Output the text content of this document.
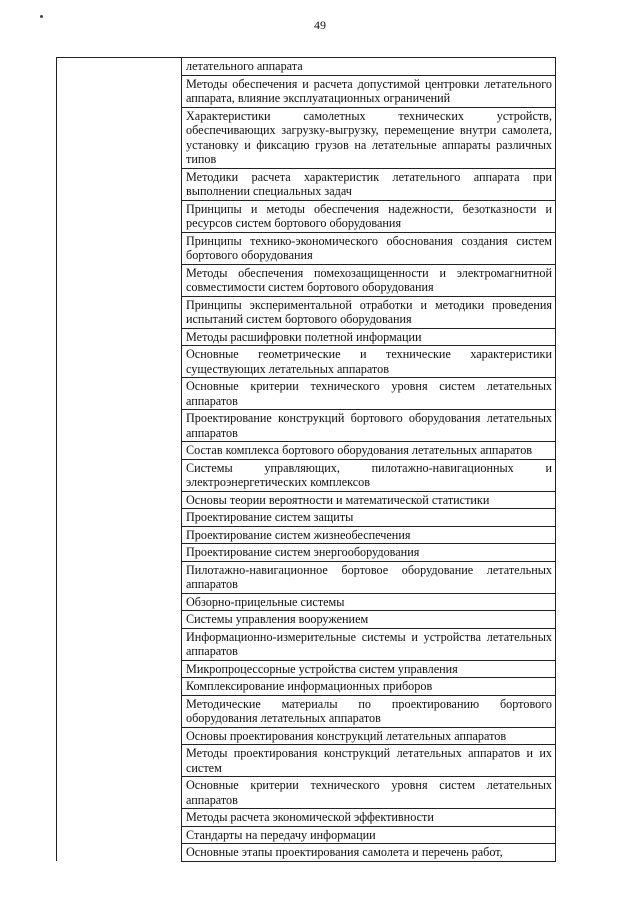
49
	летательного аппарата
Методы обеспечения и расчета допустимой центровки летательного аппарата, влияние эксплуатационных ограничений
Характеристики самолетных технических устройств, обеспечивающих загрузку-выгрузку, перемещение внутри самолета, установку и фиксацию грузов на летательные аппараты различных типов
Методики расчета характеристик летательного аппарата при выполнении специальных задач
Принципы и методы обеспечения надежности, безотказности и ресурсов систем бортового оборудования
Принципы технико-экономического обоснования создания систем бортового оборудования
Методы обеспечения помехозащищенности и электромагнитной совместимости систем бортового оборудования
Принципы экспериментальной отработки и методики проведения испытаний систем бортового оборудования
Методы расшифровки полетной информации
Основные геометрические и технические характеристики существующих летательных аппаратов
Основные критерии технического уровня систем летательных аппаратов
Проектирование конструкций бортового оборудования летательных аппаратов
Состав комплекса бортового оборудования летательных аппаратов
Системы управляющих, пилотажно-навигационных и электроэнергетических комплексов
Основы теории вероятности и математической статистики
Проектирование систем защиты
Проектирование систем жизнеобеспечения
Проектирование систем энергооборудования
Пилотажно-навигационное бортовое оборудование летательных аппаратов
Обзорно-прицельные системы
Системы управления вооружением
Информационно-измерительные системы и устройства летательных аппаратов
Микропроцессорные устройства систем управления
Комплексирование информационных приборов
Методические материалы по проектированию бортового оборудования летательных аппаратов
Основы проектирования конструкций летательных аппаратов
Методы проектирования конструкций летательных аппаратов и их систем
Основные критерии технического уровня систем летательных аппаратов
Методы расчета экономической эффективности
Стандарты на передачу информации
Основные этапы проектирования самолета и перечень работ,
